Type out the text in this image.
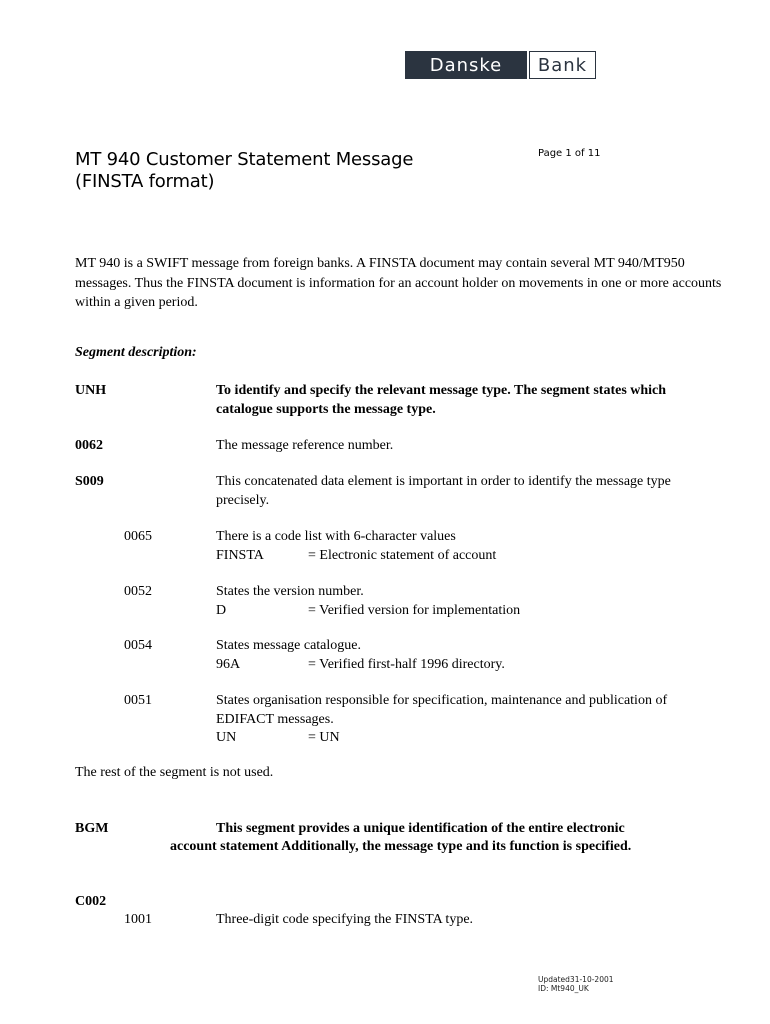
Danske	Bank
MT 940 Customer Statement Message
(FINSTA format)
Page 1 of 11
MT 940 is a SWIFT message from foreign banks. A FINSTA document may contain several MT 940/MT950 messages. Thus the FINSTA document is information for an account holder on movements in one or more accounts within a given period.
Segment description:
UNH	To identify and specify the relevant message type. The segment states which
catalogue supports the message type.
0062	The message reference number.
S009	This concatenated data element is important in order to identify the message type
precisely.
0065	There is a code list with 6-character values
FINSTA	= Electronic statement of account
0052	States the version number.
D	= Verified version for implementation
0054	States message catalogue.
96A	= Verified first-half 1996 directory.
0051	States organisation responsible for specification, maintenance and publication of
EDIFACT messages.
UN	= UN
The rest of the segment is not used.
BGM	This segment provides a unique identification of the entire electronic
account statement Additionally, the message type and its function is specified.
C002
1001	Three-digit code specifying the FINSTA type.
Updated31-10-2001
ID: Mt940_UK
